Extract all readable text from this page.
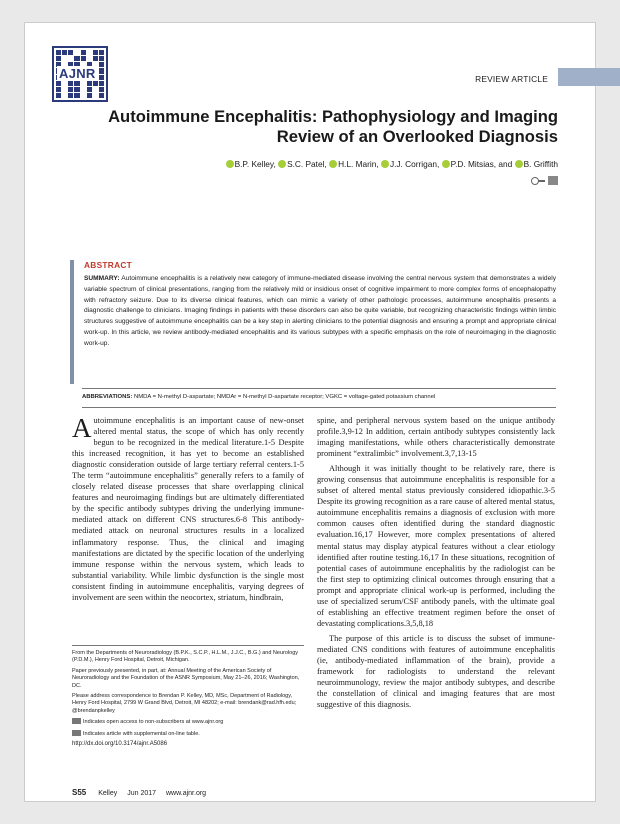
AJNR	REVIEW ARTICLE
Autoimmune Encephalitis: Pathophysiology and Imaging Review of an Overlooked Diagnosis
B.P. Kelley, S.C. Patel, H.L. Marin, J.J. Corrigan, P.D. Mitsias, and B. Griffith
ABSTRACT
SUMMARY: Autoimmune encephalitis is a relatively new category of immune-mediated disease involving the central nervous system that demonstrates a widely variable spectrum of clinical presentations, ranging from the relatively mild or insidious onset of cognitive impairment to more complex forms of encephalopathy with refractory seizure. Due to its diverse clinical features, which can mimic a variety of other pathologic processes, autoimmune encephalitis presents a diagnostic challenge to clinicians. Imaging findings in patients with these disorders can also be quite variable, but recognizing characteristic findings within limbic structures suggestive of autoimmune encephalitis can be a key step in alerting clinicians to the potential diagnosis and ensuring a prompt and appropriate clinical work-up. In this article, we review antibody-mediated encephalitis and its various subtypes with a specific emphasis on the role of neuroimaging in the diagnostic work-up.
ABBREVIATIONS: NMDA = N-methyl D-aspartate; NMDAr = N-methyl D-aspartate receptor; VGKC = voltage-gated potassium channel

Autoimmune encephalitis is an important cause of new-onset altered mental status, the scope of which has only recently begun to be recognized in the medical literature.1-5 Despite this increased recognition, it has yet to become an established diagnostic consideration outside of large tertiary referral centers.1-5 The term “autoimmune encephalitis” generally refers to a family of closely related disease processes that share overlapping clinical features and neuroimaging findings but are ultimately differentiated by the specific antibody subtypes driving the underlying immune-mediated attack on different CNS structures.6-8 This antibody-mediated attack on neuronal structures results in a localized inflammatory response. Thus, the clinical and imaging manifestations are dictated by the specific location of the underlying immune response within the nervous system, which leads to substantial variability. While limbic dysfunction is the single most consistent finding in autoimmune encephalitis, varying degrees of involvement are seen within the neocortex, striatum, hindbrain,

spine, and peripheral nervous system based on the unique antibody profile.3,9-12 In addition, certain antibody subtypes consistently lack imaging manifestations, while others characteristically demonstrate prominent “extralimbic” involvement.3,7,13-15

Although it was initially thought to be relatively rare, there is growing consensus that autoimmune encephalitis is responsible for a subset of altered mental status previously considered idiopathic.3-5 Despite its growing recognition as a rare cause of altered mental status, autoimmune encephalitis remains a diagnosis of exclusion with more common causes often identified during the standard diagnostic evaluation.16,17 However, more complex presentations of altered mental status may display atypical features without a clear etiology identified after routine testing.16,17 In these situations, recognition of potential cases of autoimmune encephalitis by the radiologist can be the first step to optimizing clinical outcomes through ensuring that a prompt and appropriate clinical work-up is performed, including the use of specialized serum/CSF antibody panels, with the ultimate goal of establishing an effective treatment regimen before the onset of devastating complications.3,5,8,18

The purpose of this article is to discuss the subset of immune-mediated CNS conditions with features of autoimmune encephalitis (ie, antibody-mediated inflammation of the brain), provide a framework for radiologists to understand the relevant neuroimmunology, review the major antibody subtypes, and describe the constellation of clinical and imaging features that are most suggestive of this diagnosis.

From the Departments of Neuroradiology (B.P.K., S.C.P., H.L.M., J.J.C., B.G.) and Neurology (P.D.M.), Henry Ford Hospital, Detroit, Michigan.

Paper previously presented, in part, at: Annual Meeting of the American Society of Neuroradiology and the Foundation of the ASNR Symposium, May 21–26, 2016; Washington, DC.

Please address correspondence to Brendan P. Kelley, MD, MSc, Department of Radiology, Henry Ford Hospital, 2799 W Grand Blvd, Detroit, MI 48202; e-mail: brendank@rad.hfh.edu; @brendanpkelley

Indicates open access to non-subscribers at www.ajnr.org

Indicates article with supplemental on-line table.

http://dx.doi.org/10.3174/ajnr.A5086

S55 Kelley Jun 2017 www.ajnr.org
